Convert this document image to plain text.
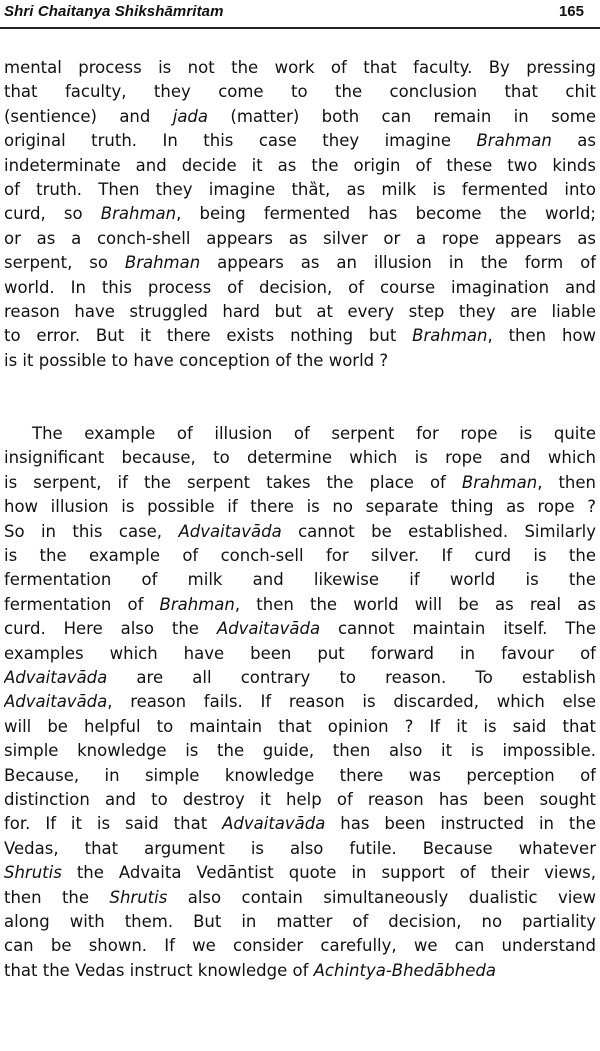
Shri Chaitanya Shikshāmritam	165
mental process is not the work of that faculty. By pressing
that faculty, they come to the conclusion that chit
(sentience) and jada (matter) both can remain in some
original truth. In this case they imagine Brahman as
indeterminate and decide it as the origin of these two kinds
of truth. Then they imagine thȁt, as milk is fermented into
curd, so Brahman, being fermented has become the world;
or as a conch-shell appears as silver or a rope appears as
serpent, so Brahman appears as an illusion in the form of
world. In this process of decision, of course imagination and
reason have struggled hard but at every step they are liable
to error. But it there exists nothing but Brahman, then how
is it possible to have conception of the world ?
The example of illusion of serpent for rope is quite
insignificant because, to determine which is rope and which
is serpent, if the serpent takes the place of Brahman, then
how illusion is possible if there is no separate thing as rope ?
So in this case, Advaitavāda cannot be established. Similarly
is the example of conch-sell for silver. If curd is the
fermentation of milk and likewise if world is the
fermentation of Brahman, then the world will be as real as
curd. Here also the Advaitavāda cannot maintain itself. The
examples which have been put forward in favour of
Advaitavāda are all contrary to reason. To establish
Advaitavāda, reason fails. If reason is discarded, which else
will be helpful to maintain that opinion ? If it is said that
simple knowledge is the guide, then also it is impossible.
Because, in simple knowledge there was perception of
distinction and to destroy it help of reason has been sought
for. If it is said that Advaitavāda has been instructed in the
Vedas, that argument is also futile. Because whatever
Shrutis the Advaita Vedāntist quote in support of their views,
then the Shrutis also contain simultaneously dualistic view
along with them. But in matter of decision, no partiality
can be shown. If we consider carefully, we can understand
that the Vedas instruct knowledge of Achintya-Bhedābheda
